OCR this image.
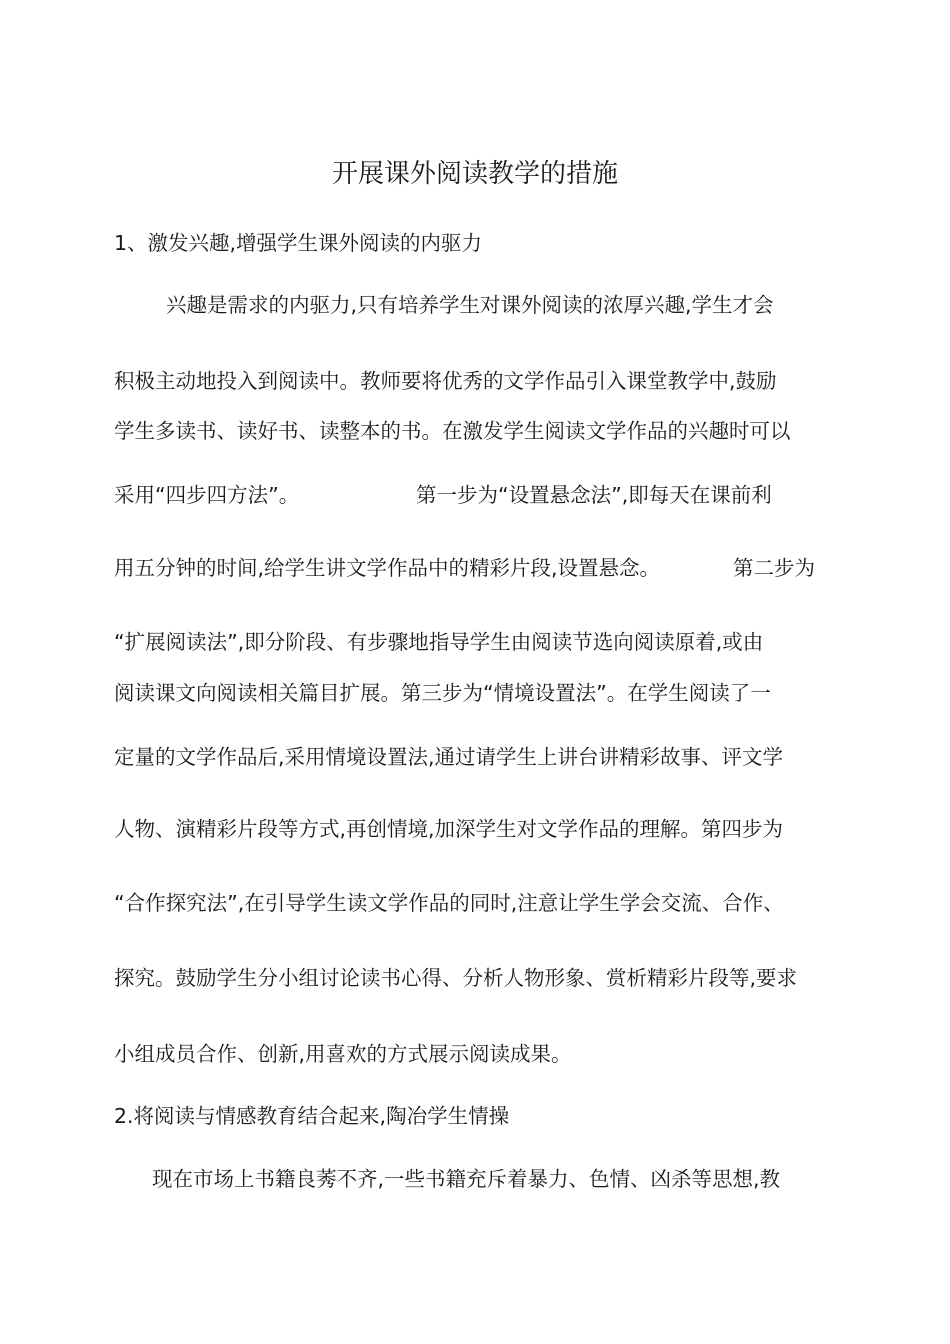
开展课外阅读教学的措施
1、激发兴趣,增强学生课外阅读的内驱力
兴趣是需求的内驱力,只有培养学生对课外阅读的浓厚兴趣,学生才会
积极主动地投入到阅读中。教师要将优秀的文学作品引入课堂教学中,鼓励
学生多读书、读好书、读整本的书。在激发学生阅读文学作品的兴趣时可以
采用“四步四方法”。	第一步为“设置悬念法”,即每天在课前利
用五分钟的时间,给学生讲文学作品中的精彩片段,设置悬念。	第二步为
“扩展阅读法”,即分阶段、有步骤地指导学生由阅读节选向阅读原着,或由
阅读课文向阅读相关篇目扩展。第三步为“情境设置法”。在学生阅读了一
定量的文学作品后,采用情境设置法,通过请学生上讲台讲精彩故事、评文学
人物、演精彩片段等方式,再创情境,加深学生对文学作品的理解。第四步为
“合作探究法”,在引导学生读文学作品的同时,注意让学生学会交流、合作、
探究。鼓励学生分小组讨论读书心得、分析人物形象、赏析精彩片段等,要求
小组成员合作、创新,用喜欢的方式展示阅读成果。
2.将阅读与情感教育结合起来,陶冶学生情操
现在市场上书籍良莠不齐,一些书籍充斥着暴力、色情、凶杀等思想,教
